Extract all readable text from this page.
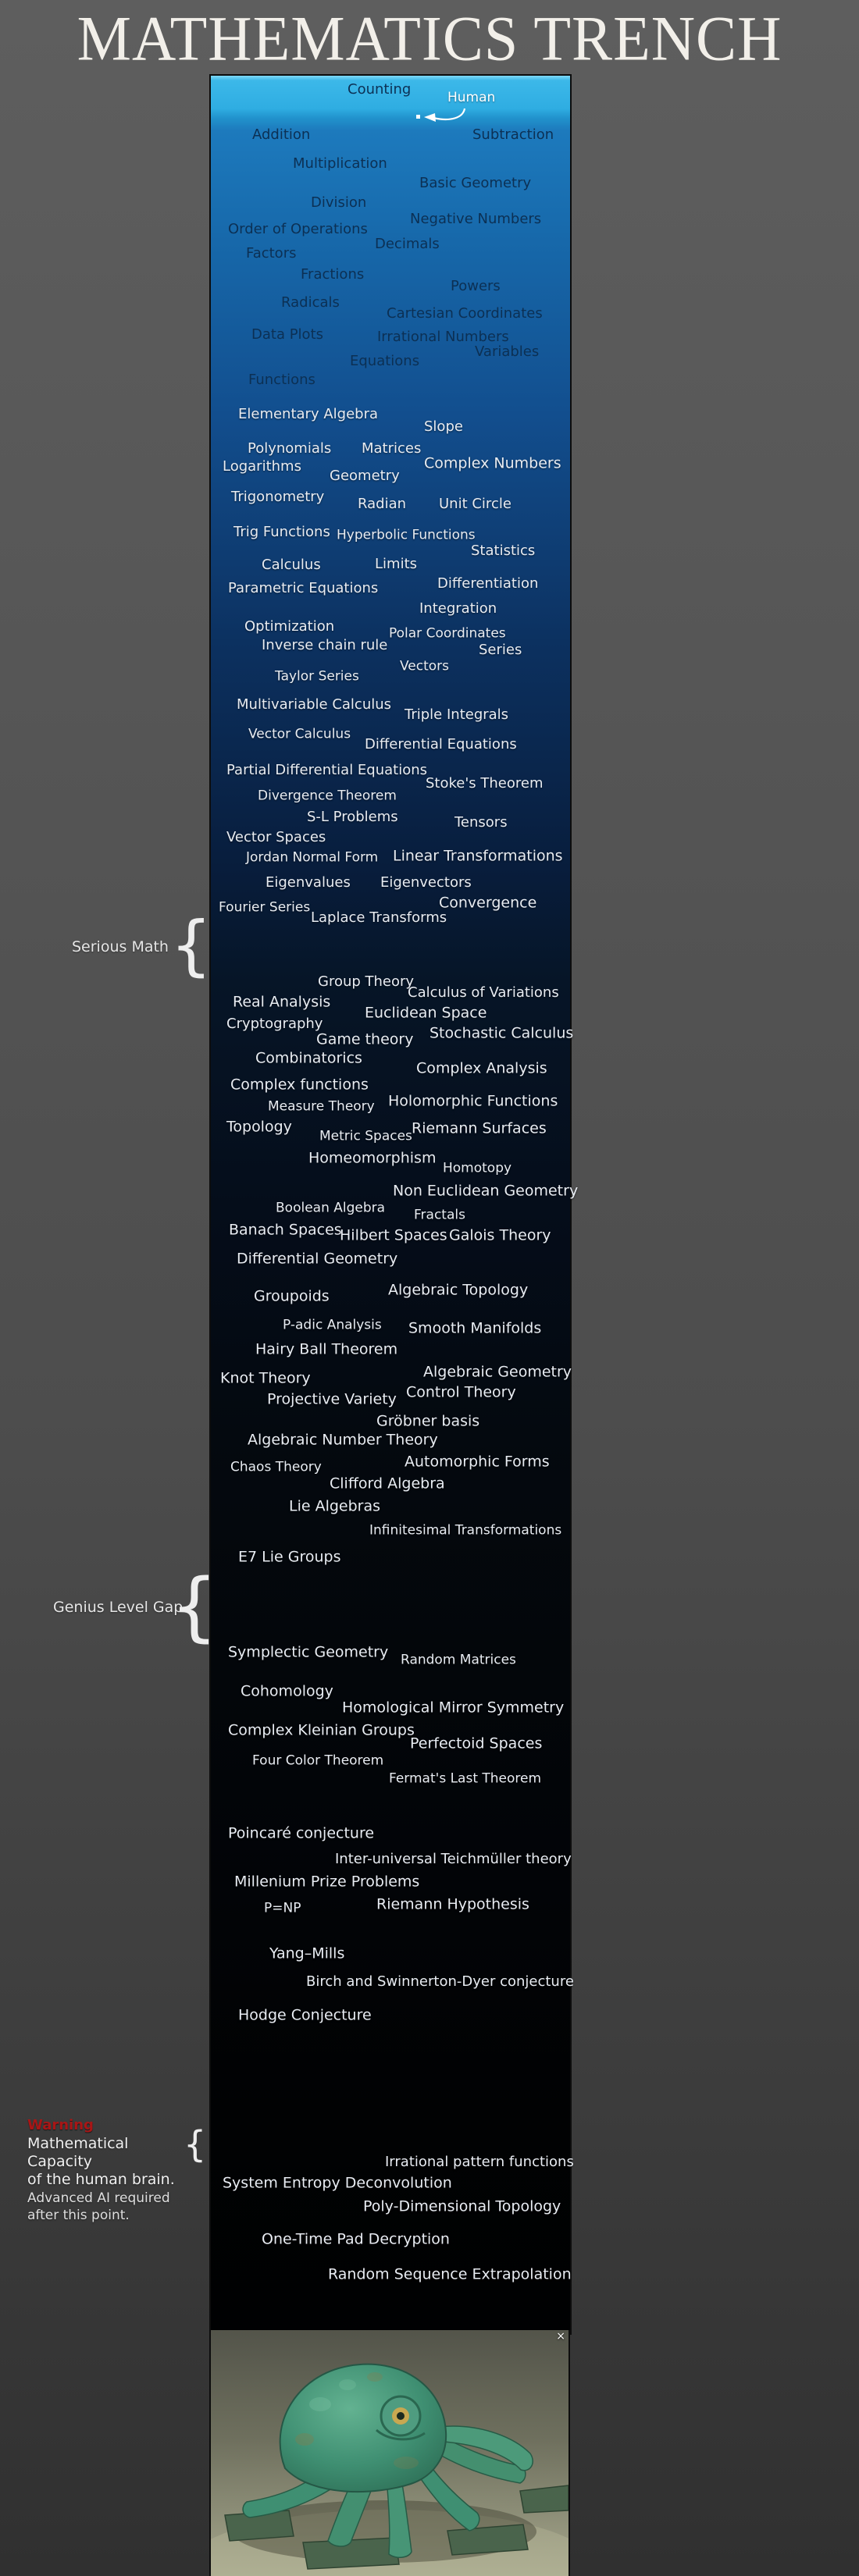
MATHEMATICS TRENCH
Counting
Addition	Subtraction
Multiplication
Basic Geometry
Division
Negative Numbers
Order of Operations
Decimals
Factors
Fractions
Powers
Radicals
Cartesian Coordinates
Data Plots	Irrational Numbers
Variables
Equations
Functions
Elementary Algebra
Slope
Polynomials Matrices
Logarithms	Complex Numbers
Geometry
Trigonometry Radian Unit Circle
Trig Functions Hyperbolic Functions
Statistics
Calculus	Limits
Differentiation
Parametric Equations
Integration
Optimization	Polar Coordinates
Inverse chain rule	Series
Vectors
Taylor Series
Multivariable Calculus
Triple Integrals
Vector Calculus
Differential Equations
Partial Differential Equations
Stoke's Theorem
Divergence Theorem
S-L Problems	Tensors
Vector Spaces
Jordan Normal Form Linear Transformations
Eigenvalues Eigenvectors
Convergence
Fourier Series
Laplace Transforms
Group Theory
Calculus of Variations
Real Analysis
Euclidean Space
Cryptography
Stochastic Calculus
Game theory
Combinatorics
Complex Analysis
Complex functions
Holomorphic Functions
Measure Theory
Topology	Riemann Surfaces
Metric Spaces
Homeomorphism
Homotopy
Non Euclidean Geometry
Boolean Algebra Fractals
Banach Spaces
Hilbert Spaces Galois Theory
Differential Geometry
Algebraic Topology
Groupoids
P-adic Analysis Smooth Manifolds
Hairy Ball Theorem
Algebraic Geometry
Knot Theory
Control Theory
Projective Variety
Gröbner basis
Algebraic Number Theory
Automorphic Forms
Chaos Theory
Clifford Algebra
Lie Algebras
Infinitesimal Transformations
E7 Lie Groups
Symplectic Geometry Random Matrices
Cohomology
Homological Mirror Symmetry
Complex Kleinian Groups
Perfectoid Spaces
Four Color Theorem
Fermat's Last Theorem
Poincaré conjecture
Inter-universal Teichmüller theory
Millenium Prize Problems
P=NP	Riemann Hypothesis
Yang–Mills
Birch and Swinnerton-Dyer conjecture
Hodge Conjecture
Irrational pattern functions
System Entropy Deconvolution
Poly-Dimensional Topology
One-Time Pad Decryption
Random Sequence Extrapolation
Human
Serious Math {
Genius Level Gap
{
Warning
Mathematical Capacity
of the human brain.
Advanced AI required
after this point.
{
×
